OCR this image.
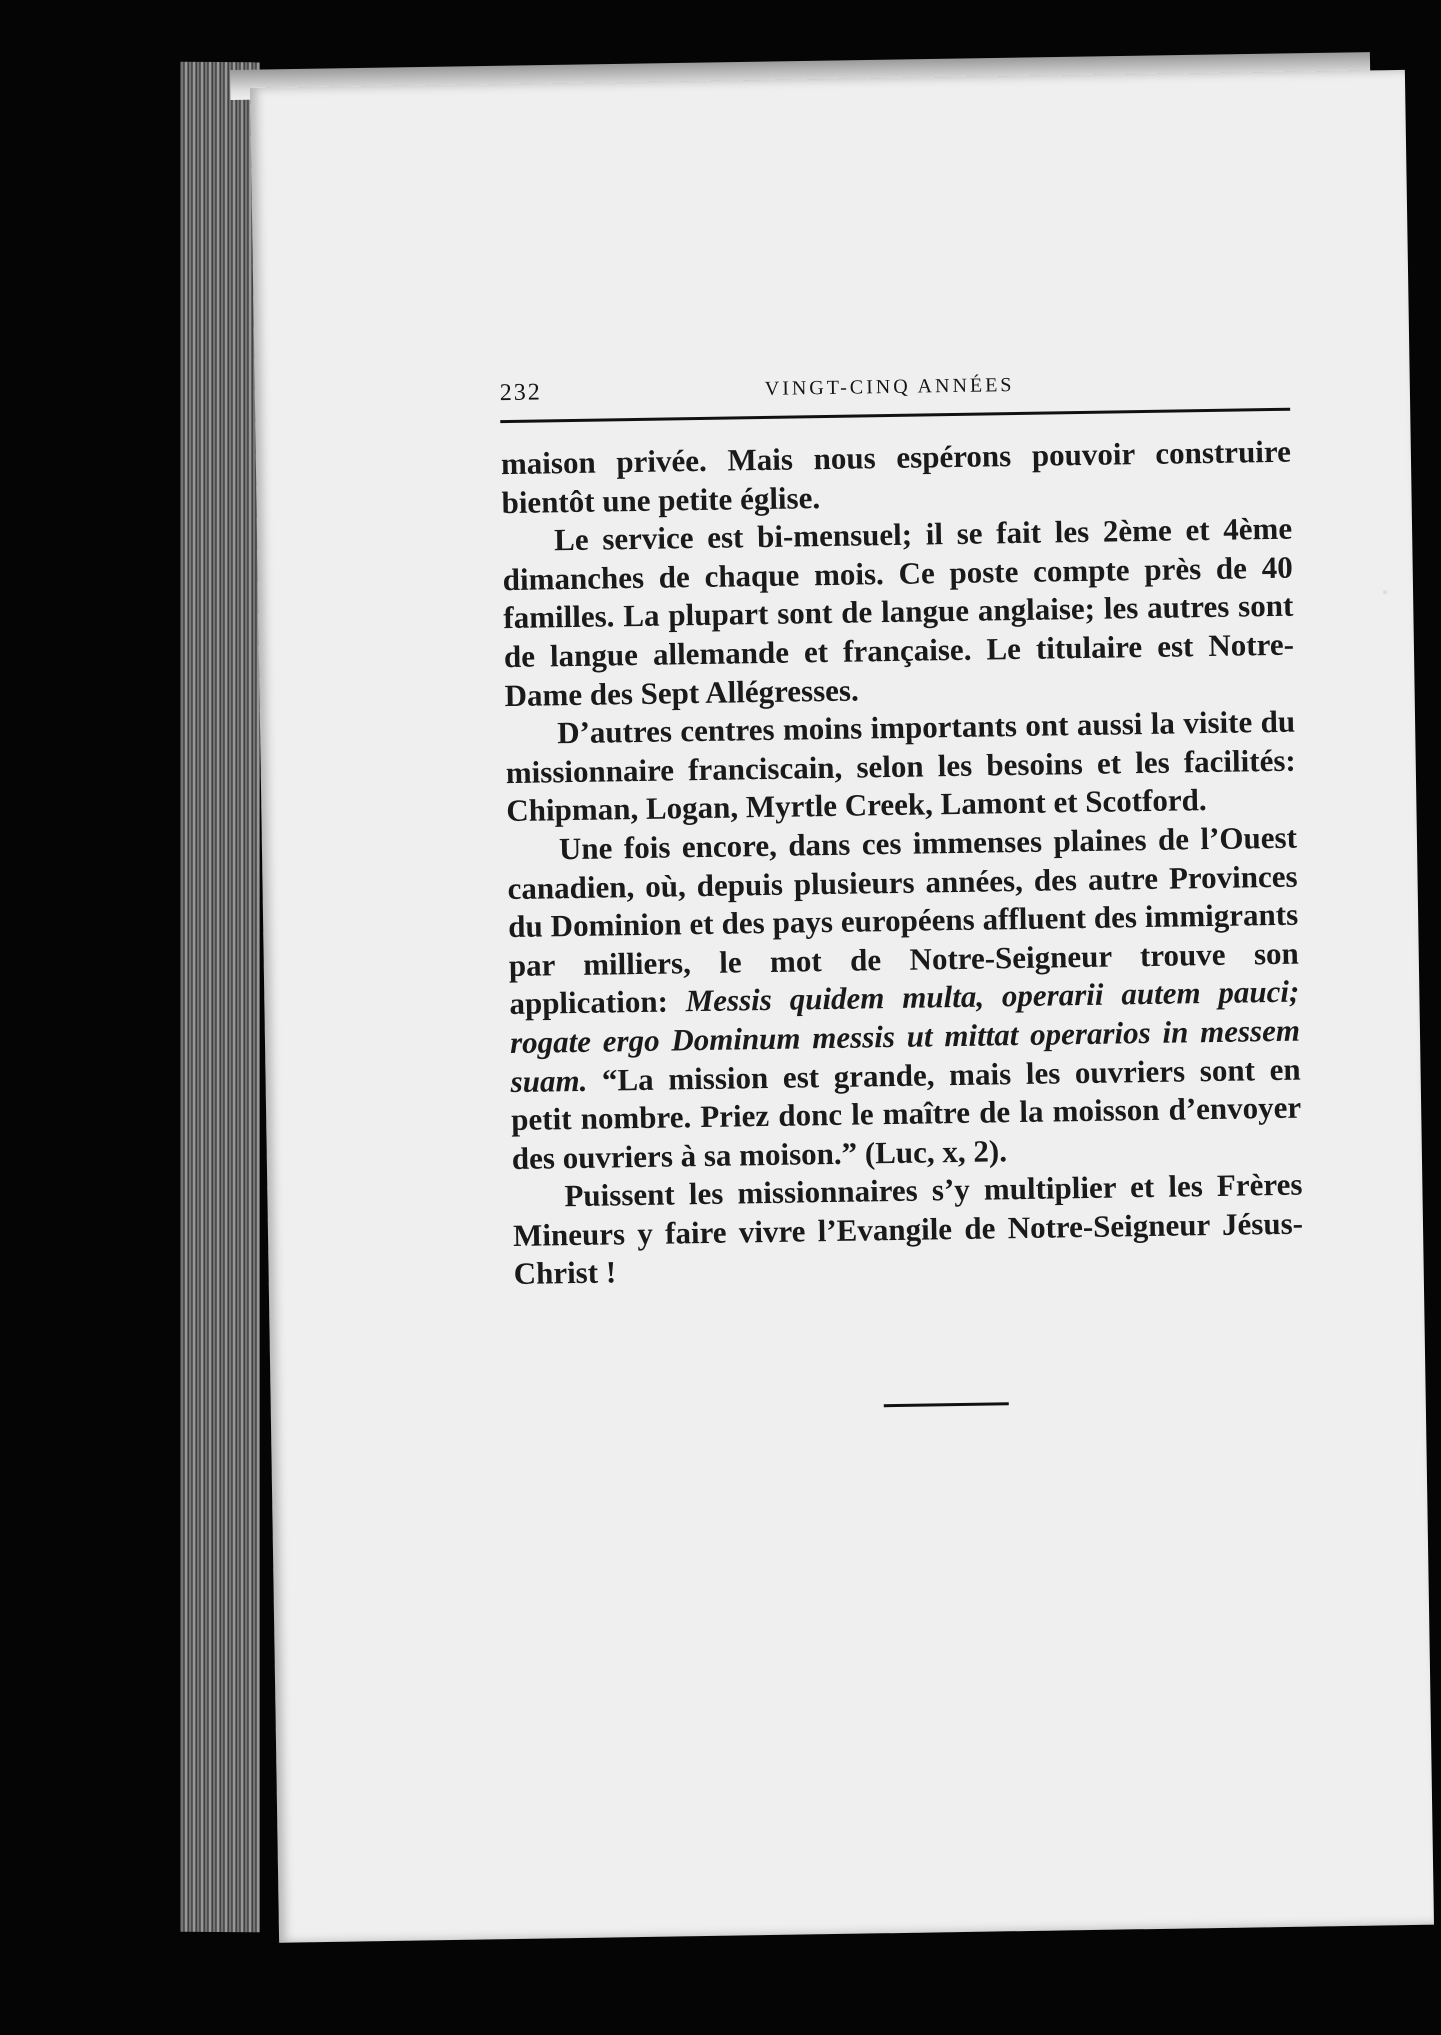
232	VINGT-CINQ ANNÉES

maison privée. Mais nous espérons pouvoir construire bientôt une petite église.

Le service est bi-mensuel; il se fait les 2ème et 4ème dimanches de chaque mois. Ce poste compte près de 40 familles. La plupart sont de langue anglaise; les autres sont de langue allemande et française. Le titulaire est Notre-Dame des Sept Allégresses.

D’autres centres moins importants ont aussi la visite du missionnaire franciscain, selon les besoins et les facilités: Chipman, Logan, Myrtle Creek, Lamont et Scotford.

Une fois encore, dans ces immenses plaines de l’Ouest canadien, où, depuis plusieurs années, des autre Provinces du Dominion et des pays européens affluent des immigrants par milliers, le mot de Notre-Seigneur trouve son application: Messis quidem multa, operarii autem pauci; rogate ergo Dominum messis ut mittat operarios in messem suam. “La mission est grande, mais les ouvriers sont en petit nombre. Priez donc le maître de la moisson d’envoyer des ouvriers à sa moison.” (Luc, x, 2).

Puissent les missionnaires s’y multiplier et les Frères Mineurs y faire vivre l’Evangile de Notre-Seigneur Jésus-Christ !
